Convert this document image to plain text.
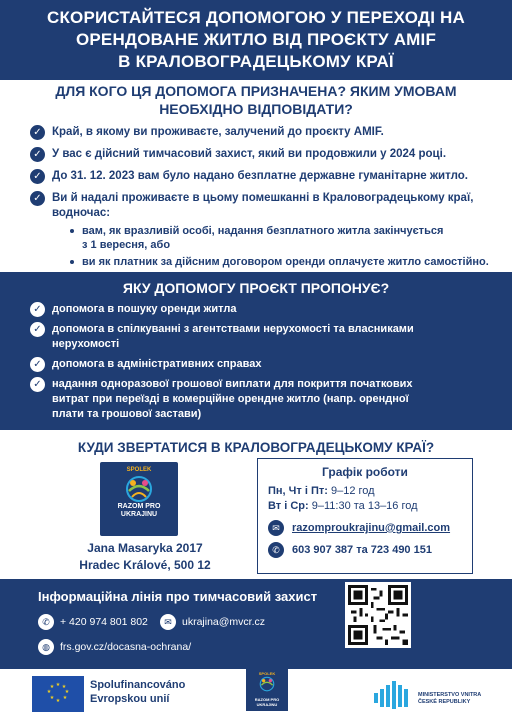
СКОРИСТАЙТЕСЯ ДОПОМОГОЮ У ПЕРЕХОДІ НА
ОРЕНДОВАНЕ ЖИТЛО ВІД ПРОЄКТУ AMIF
В КРАЛОВОГРАДЕЦЬКОМУ КРАЇ
ДЛЯ КОГО ЦЯ ДОПОМОГА ПРИЗНАЧЕНА? ЯКИМ УМОВАМ
НЕОБХІДНО ВІДПОВІДАТИ?
✓ Край, в якому ви проживаєте, залучений до проєкту AMIF.
✓ У вас є дійсний тимчасовий захист, який ви продовжили у 2024 році.
✓ До 31. 12. 2023 вам було надано безплатне державне гуманітарне житло.
✓ Ви й надалі проживаєте в цьому помешканні в Краловоградецькому краї,
водночас:
вам, як вразливій особі, надання безплатного житла закінчується
з 1 вересня, або
ви як платник за дійсним договором оренди оплачуєте житло самостійно.
ЯКУ ДОПОМОГУ ПРОЄКТ ПРОПОНУЄ?
✓ допомога в пошуку оренди житла
✓ допомога в спілкуванні з агентствами нерухомості та власниками
нерухомості
✓ допомога в адміністративних справах
✓ надання одноразової грошової виплати для покриття початкових
витрат при переїзді в комерційне орендне житло (напр. орендної
плати та грошової застави)
КУДИ ЗВЕРТАТИСЯ В КРАЛОВОГРАДЕЦЬКОМУ КРАЇ?
SPOLEK
RAZOM PRO
UKRAJINU
Jana Masaryka 2017
Hradec Králové, 500 12
Графік роботи
Пн, Чт і Пт: 9–12 год
Вт і Ср: 9–11:30 та 13–16 год
✉	razomproukrajinu@gmail.com
✆	603 907 387 та 723 490 151
Інформаційна лінія про тимчасовий захист
✆ + 420 974 801 802	✉ ukrajina@mvcr.cz
◍ frs.gov.cz/docasna-ochrana/
★ ★
★
★
★
★
★
★	Spolufinancováno
Evropskou unií
SPOLEK
RAZOM PRO
UKRAJINU
MINISTERSTVO VNITRA
ČESKÉ REPUBLIKY
